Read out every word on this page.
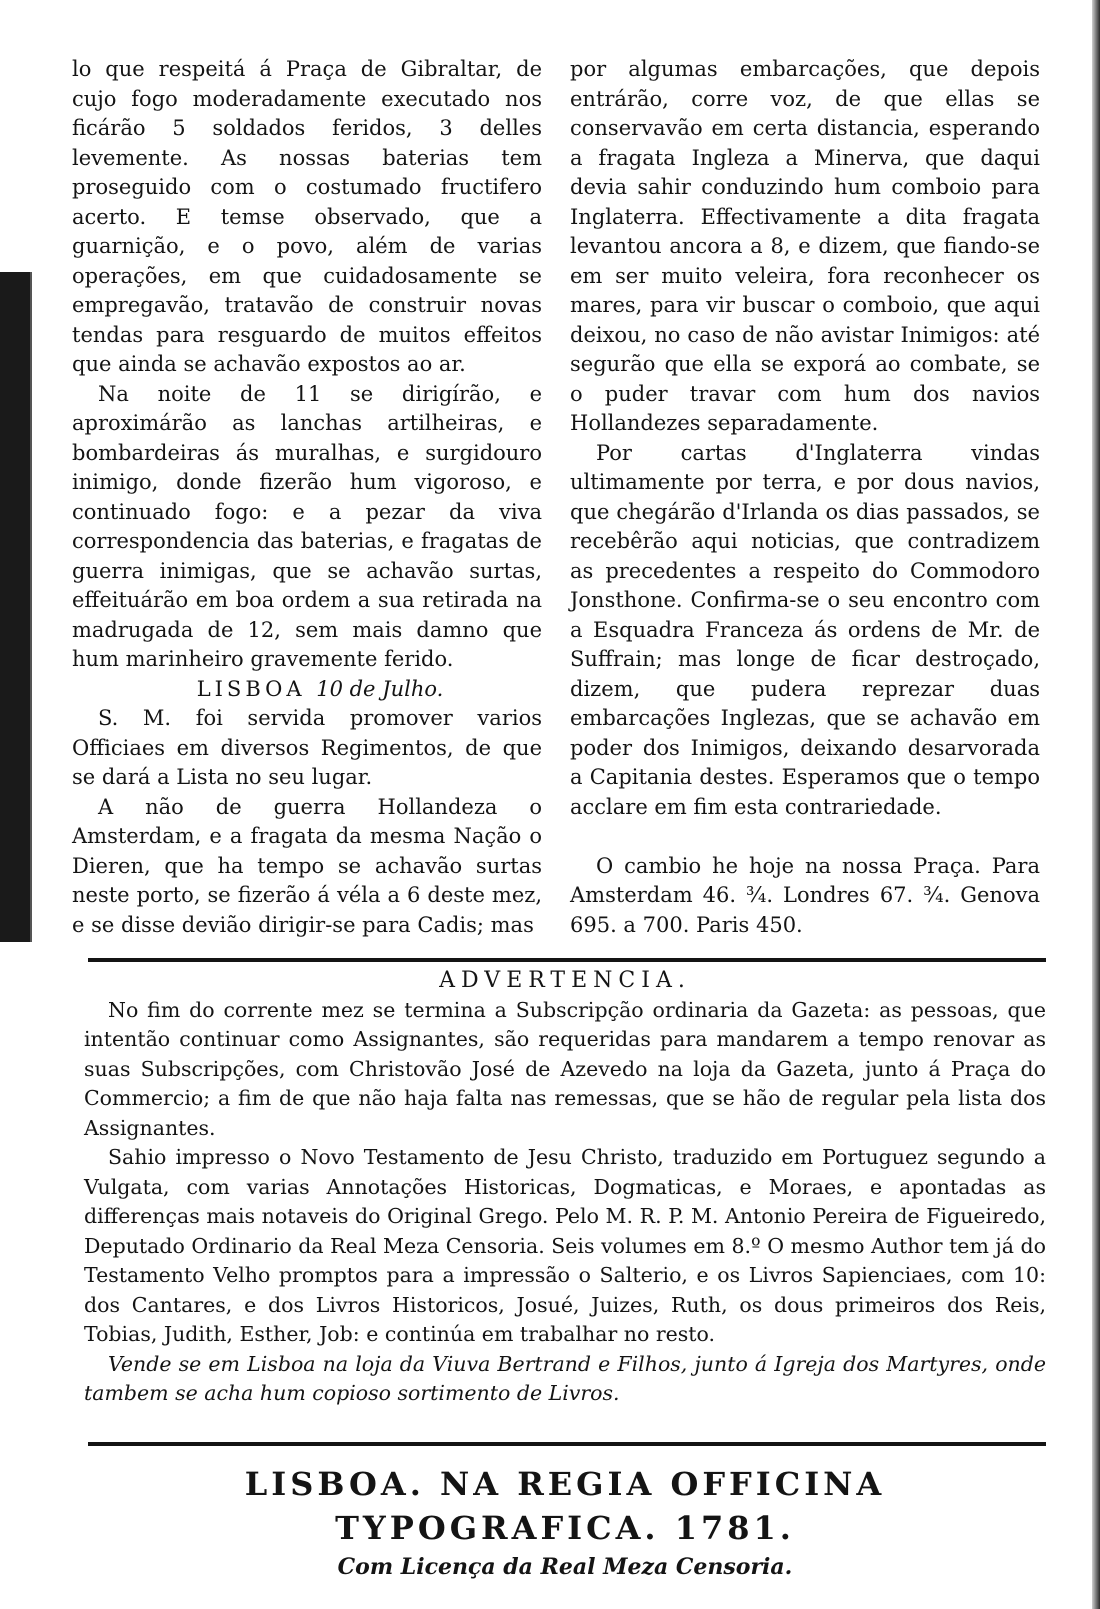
lo que respeitá á Praça de Gibraltar, de cujo fogo moderadamente executado nos ficárão 5 soldados feridos, 3 delles levemente. As nossas baterias tem proseguido com o costumado fructifero acerto. E temse observado, que a guarnição, e o povo, além de varias operações, em que cuidadosamente se empregavão, tratavão de construir novas tendas para resguardo de muitos effeitos que ainda se achavão expostos ao ar.

Na noite de 11 se dirigírão, e aproximárão as lanchas artilheiras, e bombardeiras ás muralhas, e surgidouro inimigo, donde fizerão hum vigoroso, e continuado fogo: e a pezar da viva correspondencia das baterias, e fragatas de guerra inimigas, que se achavão surtas, effeituárão em boa ordem a sua retirada na madrugada de 12, sem mais damno que hum marinheiro gravemente ferido.

LISBOA 10 de Julho.

S. M. foi servida promover varios Officiaes em diversos Regimentos, de que se dará a Lista no seu lugar.

A não de guerra Hollandeza o Amsterdam, e a fragata da mesma Nação o Dieren, que ha tempo se achavão surtas neste porto, se fizerão á véla a 6 deste mez, e se disse devião dirigir-se para Cadis; mas

por algumas embarcações, que depois entrárão, corre voz, de que ellas se conservavão em certa distancia, esperando a fragata Ingleza a Minerva, que daqui devia sahir conduzindo hum comboio para Inglaterra. Effectivamente a dita fragata levantou ancora a 8, e dizem, que fiando-se em ser muito veleira, fora reconhecer os mares, para vir buscar o comboio, que aqui deixou, no caso de não avistar Inimigos: até segurão que ella se exporá ao combate, se o puder travar com hum dos navios Hollandezes separadamente.

Por cartas d'Inglaterra vindas ultimamente por terra, e por dous navios, que chegárão d'Irlanda os dias passados, se recebêrão aqui noticias, que contradizem as precedentes a respeito do Commodoro Jonsthone. Confirma-se o seu encontro com a Esquadra Franceza ás ordens de Mr. de Suffrain; mas longe de ficar destroçado, dizem, que pudera reprezar duas embarcações Inglezas, que se achavão em poder dos Inimigos, deixando desarvorada a Capitania destes. Esperamos que o tempo acclare em fim esta contrariedade.

O cambio he hoje na nossa Praça. Para Amsterdam 46. ¾. Londres 67. ¾. Genova 695. a 700. Paris 450.

ADVERTENCIA.

No fim do corrente mez se termina a Subscripção ordinaria da Gazeta: as pessoas, que intentão continuar como Assignantes, são requeridas para mandarem a tempo renovar as suas Subscripções, com Christovão José de Azevedo na loja da Gazeta, junto á Praça do Commercio; a fim de que não haja falta nas remessas, que se hão de regular pela lista dos Assignantes.

Sahio impresso o Novo Testamento de Jesu Christo, traduzido em Portuguez segundo a Vulgata, com varias Annotações Historicas, Dogmaticas, e Moraes, e apontadas as differenças mais notaveis do Original Grego. Pelo M. R. P. M. Antonio Pereira de Figueiredo, Deputado Ordinario da Real Meza Censoria. Seis volumes em 8.º O mesmo Author tem já do Testamento Velho promptos para a impressão o Salterio, e os Livros Sapienciaes, com 10: dos Cantares, e dos Livros Historicos, Josué, Juizes, Ruth, os dous primeiros dos Reis, Tobias, Judith, Esther, Job: e continúa em trabalhar no resto.

Vende se em Lisboa na loja da Viuva Bertrand e Filhos, junto á Igreja dos Martyres, onde tambem se acha hum copioso sortimento de Livros.

LISBOA. NA REGIA OFFICINA TYPOGRAFICA. 1781.
Com Licença da Real Meza Censoria.
